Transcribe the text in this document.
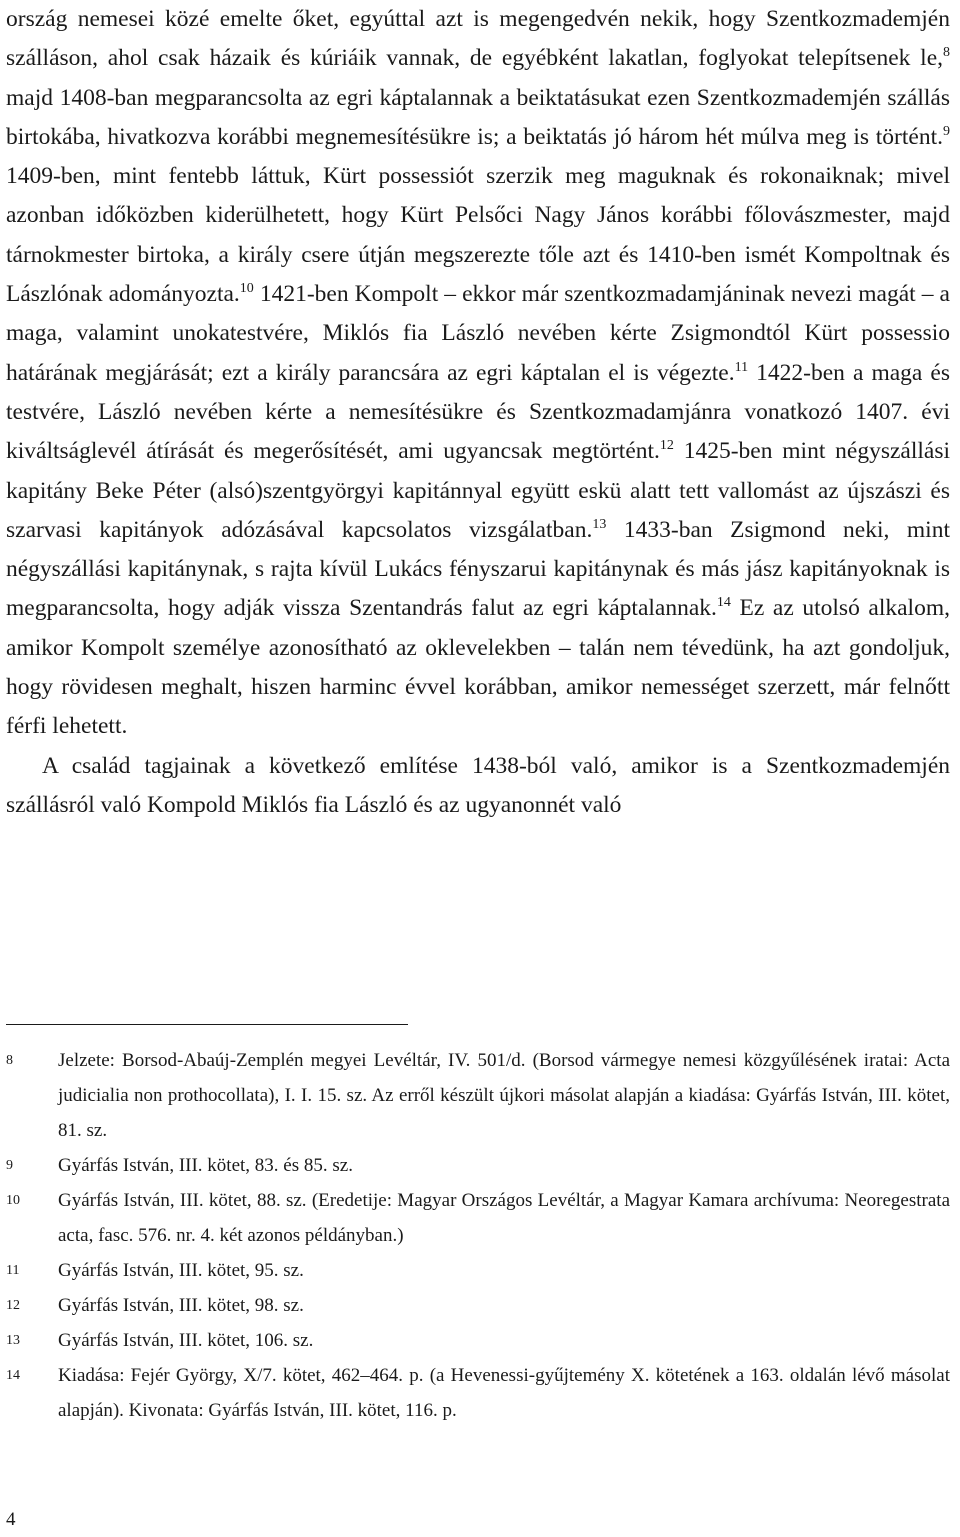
ország nemesei közé emelte őket, egyúttal azt is megengedvén nekik, hogy Szentkozmademjén szálláson, ahol csak házaik és kúriáik vannak, de egyébként lakatlan, foglyokat telepítsenek le,$^8$ majd 1408-ban megparancsolta az egri káptalannak a beiktatásukat ezen Szentkozmademjén szállás birtokába, hivatkozva korábbi megnemesítésükre is; a beiktatás jó három hét múlva meg is történt.$^9$ 1409-ben, mint fentebb láttuk, Kürt possessiót szerzik meg maguknak és rokonaiknak; mivel azonban időközben kiderülhetett, hogy Kürt Pelsőci Nagy János korábbi főlovászmester, majd tárnokmester birtoka, a király csere útján megszerezte tőle azt és 1410-ben ismét Kompoltnak és Lászlónak adományozta.$^{10}$ 1421-ben Kompolt – ekkor már szentkozmadamjáninak nevezi magát – a maga, valamint unokatestvére, Miklós fia László nevében kérte Zsigmondtól Kürt possessio határának megjárását; ezt a király parancsára az egri káptalan el is végezte.$^{11}$ 1422-ben a maga és testvére, László nevében kérte a nemesítésükre és Szentkozmadamjánra vonatkozó 1407. évi kiváltságlevél átírását és megerősítését, ami ugyancsak megtörtént.$^{12}$ 1425-ben mint négyszállási kapitány Beke Péter (alsó)szentgyörgyi kapitánnyal együtt eskü alatt tett vallomást az újszászi és szarvasi kapitányok adózásával kapcsolatos vizsgálatban.$^{13}$ 1433-ban Zsigmond neki, mint négyszállási kapitánynak, s rajta kívül Lukács fényszarui kapitánynak és más jász kapitányoknak is megparancsolta, hogy adják vissza Szentandrás falut az egri káptalannak.$^{14}$ Ez az utolsó alkalom, amikor Kompolt személye azonosítható az oklevelekben – talán nem tévedünk, ha azt gondoljuk, hogy rövidesen meghalt, hiszen harminc évvel korábban, amikor nemességet szerzett, már felnőtt férfi lehetett.

A család tagjainak a következő említése 1438-ból való, amikor is a Szentkozmademjén szállásról való Kompold Miklós fia László és az ugyanonnét való

8 Jelzete: Borsod-Abaúj-Zemplén megyei Levéltár, IV. 501/d. (Borsod vármegye nemesi közgyűlésének iratai: Acta judicialia non prothocollata), I. I. 15. sz. Az erről készült újkori másolat alapján a kiadása: Gyárfás István, III. kötet, 81. sz.
9 Gyárfás István, III. kötet, 83. és 85. sz.
10 Gyárfás István, III. kötet, 88. sz. (Eredetije: Magyar Országos Levéltár, a Magyar Kamara archívuma: Neoregestrata acta, fasc. 576. nr. 4. két azonos példányban.)
11 Gyárfás István, III. kötet, 95. sz.
12 Gyárfás István, III. kötet, 98. sz.
13 Gyárfás István, III. kötet, 106. sz.
14 Kiadása: Fejér György, X/7. kötet, 462–464. p. (a Hevenessi-gyűjtemény X. kötetének a 163. oldalán lévő másolat alapján). Kivonata: Gyárfás István, III. kötet, 116. p.
4
